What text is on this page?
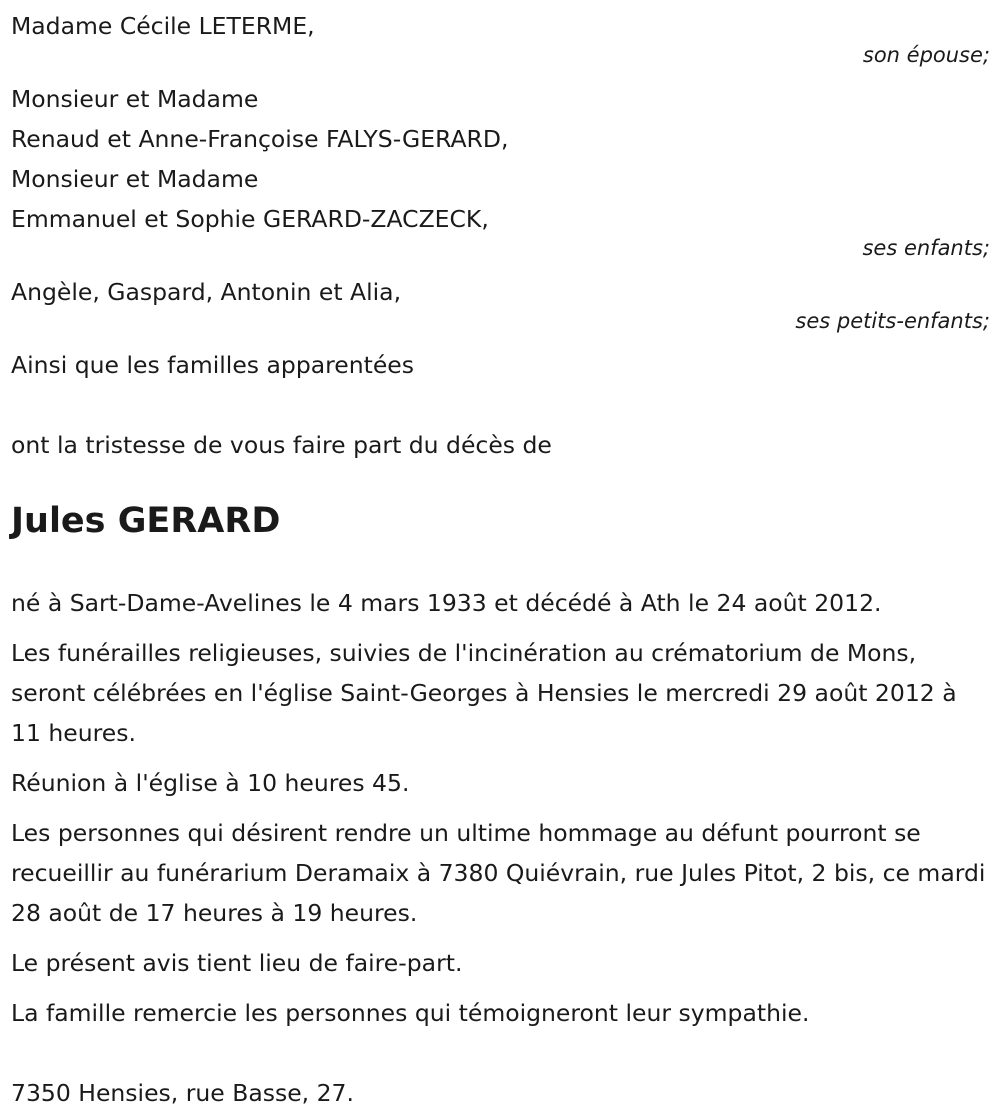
Madame Cécile LETERME,

son épouse;

Monsieur et Madame

Renaud et Anne-Françoise FALYS-GERARD,

Monsieur et Madame

Emmanuel et Sophie GERARD-ZACZECK,

ses enfants;

Angèle, Gaspard, Antonin et Alia,

ses petits-enfants;

Ainsi que les familles apparentées

ont la tristesse de vous faire part du décès de

Jules GERARD

né à Sart-Dame-Avelines le 4 mars 1933 et décédé à Ath le 24 août 2012.

Les funérailles religieuses, suivies de l'incinération au crématorium de Mons, seront célébrées en l'église Saint-Georges à Hensies le mercredi 29 août 2012 à 11 heures.

Réunion à l'église à 10 heures 45.

Les personnes qui désirent rendre un ultime hommage au défunt pourront se recueillir au funérarium Deramaix à 7380 Quiévrain, rue Jules Pitot, 2 bis, ce mardi 28 août de 17 heures à 19 heures.

Le présent avis tient lieu de faire-part.

La famille remercie les personnes qui témoigneront leur sympathie.

7350 Hensies, rue Basse, 27.
